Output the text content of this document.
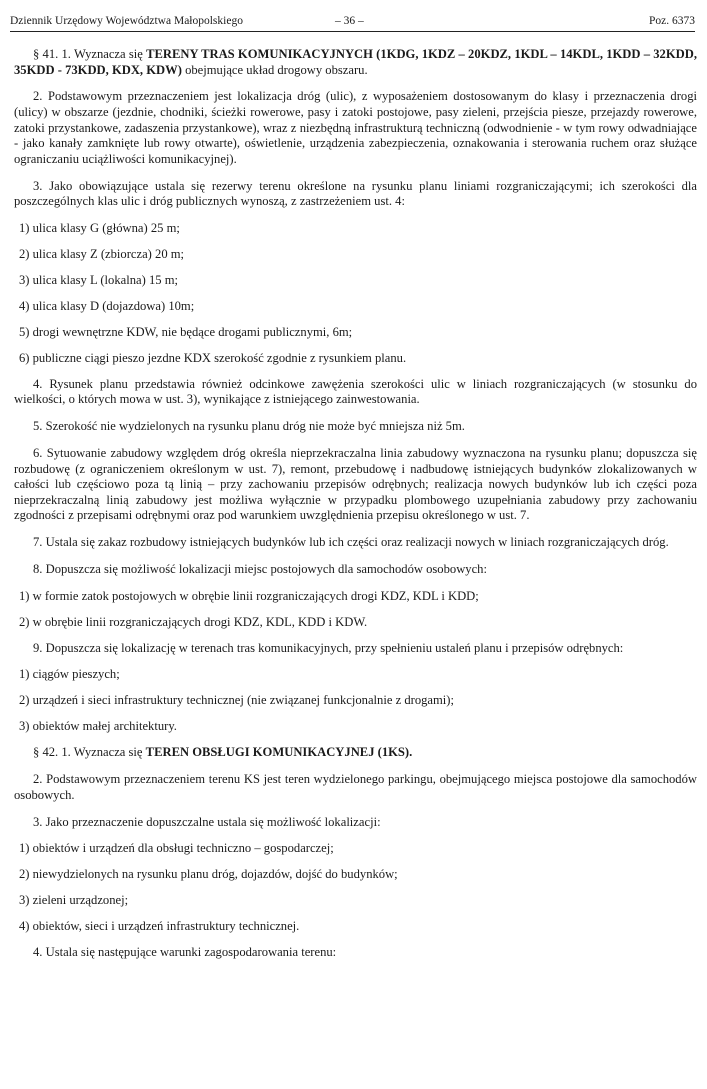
Dziennik Urzędowy Województwa Małopolskiego	– 36 –	Poz. 6373

§ 41. 1. Wyznacza się TERENY TRAS KOMUNIKACYJNYCH (1KDG, 1KDZ – 20KDZ, 1KDL – 14KDL, 1KDD – 32KDD, 35KDD - 73KDD, KDX, KDW) obejmujące układ drogowy obszaru.

2. Podstawowym przeznaczeniem jest lokalizacja dróg (ulic), z wyposażeniem dostosowanym do klasy i przeznaczenia drogi (ulicy) w obszarze (jezdnie, chodniki, ścieżki rowerowe, pasy i zatoki postojowe, pasy zieleni, przejścia piesze, przejazdy rowerowe, zatoki przystankowe, zadaszenia przystankowe), wraz z niezbędną infrastrukturą techniczną (odwodnienie - w tym rowy odwadniające - jako kanały zamknięte lub rowy otwarte), oświetlenie, urządzenia zabezpieczenia, oznakowania i sterowania ruchem oraz służące ograniczaniu uciążliwości komunikacyjnej).

3. Jako obowiązujące ustala się rezerwy terenu określone na rysunku planu liniami rozgraniczającymi; ich szerokości dla poszczególnych klas ulic i dróg publicznych wynoszą, z zastrzeżeniem ust. 4:

1) ulica klasy G (główna) 25 m;

2) ulica klasy Z (zbiorcza) 20 m;

3) ulica klasy L (lokalna) 15 m;

4) ulica klasy D (dojazdowa) 10m;

5) drogi wewnętrzne KDW, nie będące drogami publicznymi, 6m;

6) publiczne ciągi pieszo jezdne KDX szerokość zgodnie z rysunkiem planu.

4. Rysunek planu przedstawia również odcinkowe zawężenia szerokości ulic w liniach rozgraniczających (w stosunku do wielkości, o których mowa w ust. 3), wynikające z istniejącego zainwestowania.

5. Szerokość nie wydzielonych na rysunku planu dróg nie może być mniejsza niż 5m.

6. Sytuowanie zabudowy względem dróg określa nieprzekraczalna linia zabudowy wyznaczona na rysunku planu; dopuszcza się rozbudowę (z ograniczeniem określonym w ust. 7), remont, przebudowę i nadbudowę istniejących budynków zlokalizowanych w całości lub częściowo poza tą linią – przy zachowaniu przepisów odrębnych; realizacja nowych budynków lub ich części poza nieprzekraczalną linią zabudowy jest możliwa wyłącznie w przypadku plombowego uzupełniania zabudowy przy zachowaniu zgodności z przepisami odrębnymi oraz pod warunkiem uwzględnienia przepisu określonego w ust. 7.

7. Ustala się zakaz rozbudowy istniejących budynków lub ich części oraz realizacji nowych w liniach rozgraniczających dróg.

8. Dopuszcza się możliwość lokalizacji miejsc postojowych dla samochodów osobowych:

1) w formie zatok postojowych w obrębie linii rozgraniczających drogi KDZ, KDL i KDD;

2) w obrębie linii rozgraniczających drogi KDZ, KDL, KDD i KDW.

9. Dopuszcza się lokalizację w terenach tras komunikacyjnych, przy spełnieniu ustaleń planu i przepisów odrębnych:

1) ciągów pieszych;

2) urządzeń i sieci infrastruktury technicznej (nie związanej funkcjonalnie z drogami);

3) obiektów małej architektury.

§ 42. 1. Wyznacza się TEREN OBSŁUGI KOMUNIKACYJNEJ (1KS).

2. Podstawowym przeznaczeniem terenu KS jest teren wydzielonego parkingu, obejmującego miejsca postojowe dla samochodów osobowych.

3. Jako przeznaczenie dopuszczalne ustala się możliwość lokalizacji:

1) obiektów i urządzeń dla obsługi techniczno – gospodarczej;

2) niewydzielonych na rysunku planu dróg, dojazdów, dojść do budynków;

3) zieleni urządzonej;

4) obiektów, sieci i urządzeń infrastruktury technicznej.

4. Ustala się następujące warunki zagospodarowania terenu:
